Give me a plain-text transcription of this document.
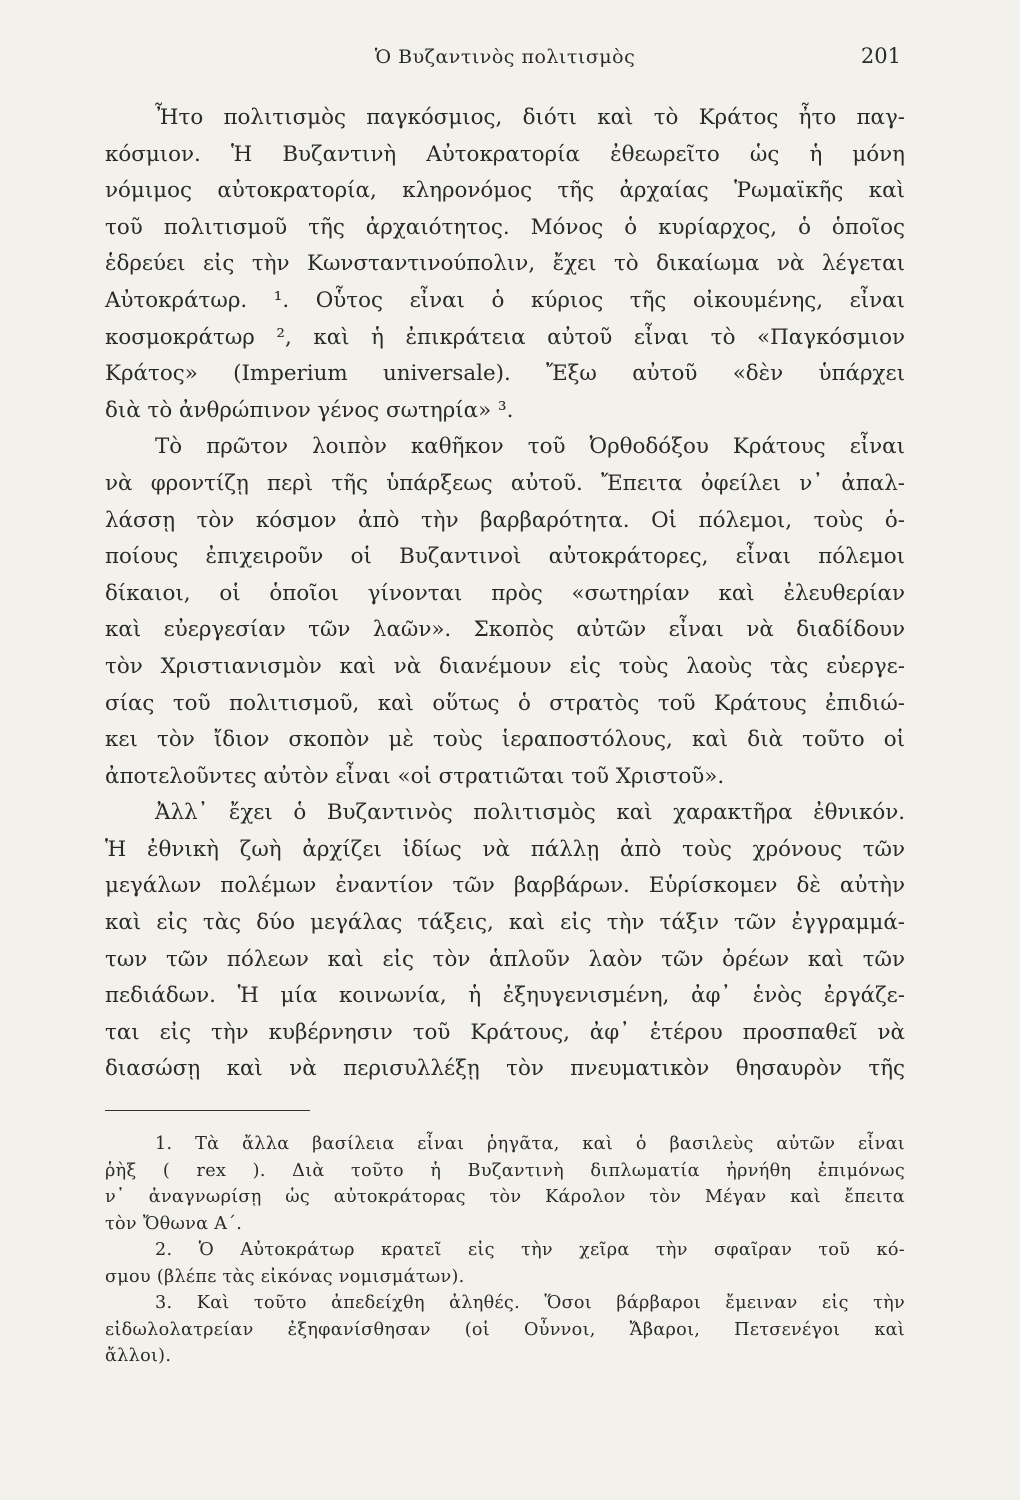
Ὁ Βυζαντινὸς πολιτισμὸς	201
Ἦτο πολιτισμὸς παγκόσμιος, διότι καὶ τὸ Κράτος ἦτο παγ-
κόσμιον. Ἡ Βυζαντινὴ Αὐτοκρατορία ἐθεωρεῖτο ὡς ἡ μόνη
νόμιμος αὐτοκρατορία, κληρονόμος τῆς ἀρχαίας Ῥωμαϊκῆς καὶ
τοῦ πολιτισμοῦ τῆς ἀρχαιότητος. Μόνος ὁ κυρίαρχος, ὁ ὁποῖος
ἑδρεύει εἰς τὴν Κωνσταντινούπολιν, ἔχει τὸ δικαίωμα νὰ λέγεται
Αὐτοκράτωρ. ¹. Οὗτος εἶναι ὁ κύριος τῆς οἰκουμένης, εἶναι
κοσμοκράτωρ ², καὶ ἡ ἐπικράτεια αὐτοῦ εἶναι τὸ «Παγκόσμιον
Κράτος» (Imperium universale). Ἔξω αὐτοῦ «δὲν ὑπάρχει
διὰ τὸ ἀνθρώπινον γένος σωτηρία» ³.
Τὸ πρῶτον λοιπὸν καθῆκον τοῦ Ὀρθοδόξου Κράτους εἶναι
νὰ φροντίζῃ περὶ τῆς ὑπάρξεως αὐτοῦ. Ἔπειτα ὀφείλει ν᾽ ἀπαλ-
λάσσῃ τὸν κόσμον ἀπὸ τὴν βαρβαρότητα. Οἱ πόλεμοι, τοὺς ὁ-
ποίους ἐπιχειροῦν οἱ Βυζαντινοὶ αὐτοκράτορες, εἶναι πόλεμοι
δίκαιοι, οἱ ὁποῖοι γίνονται πρὸς «σωτηρίαν καὶ ἐλευθερίαν
καὶ εὐεργεσίαν τῶν λαῶν». Σκοπὸς αὐτῶν εἶναι νὰ διαδίδουν
τὸν Χριστιανισμὸν καὶ νὰ διανέμουν εἰς τοὺς λαοὺς τὰς εὐεργε-
σίας τοῦ πολιτισμοῦ, καὶ οὕτως ὁ στρατὸς τοῦ Κράτους ἐπιδιώ-
κει τὸν ἴδιον σκοπὸν μὲ τοὺς ἱεραποστόλους, καὶ διὰ τοῦτο οἱ
ἀποτελοῦντες αὐτὸν εἶναι «οἱ στρατιῶται τοῦ Χριστοῦ».
Ἀλλ᾽ ἔχει ὁ Βυζαντινὸς πολιτισμὸς καὶ χαρακτῆρα ἐθνικόν.
Ἡ ἐθνικὴ ζωὴ ἀρχίζει ἰδίως νὰ πάλλῃ ἀπὸ τοὺς χρόνους τῶν
μεγάλων πολέμων ἐναντίον τῶν βαρβάρων. Εὑρίσκομεν δὲ αὐτὴν
καὶ εἰς τὰς δύο μεγάλας τάξεις, καὶ εἰς τὴν τάξιν τῶν ἐγγραμμά-
των τῶν πόλεων καὶ εἰς τὸν ἁπλοῦν λαὸν τῶν ὀρέων καὶ τῶν
πεδιάδων. Ἡ μία κοινωνία, ἡ ἐξηυγενισμένη, ἀφ᾽ ἑνὸς ἐργάζε-
ται εἰς τὴν κυβέρνησιν τοῦ Κράτους, ἀφ᾽ ἑτέρου προσπαθεῖ νὰ
διασώσῃ καὶ νὰ περισυλλέξῃ τὸν πνευματικὸν θησαυρὸν τῆς
1. Τὰ ἄλλα βασίλεια εἶναι ῥηγᾶτα, καὶ ὁ βασιλεὺς αὐτῶν εἶναι
ῥὴξ ( rex ). Διὰ τοῦτο ἡ Βυζαντινὴ διπλωματία ἠρνήθη ἐπιμόνως
ν᾽ ἀναγνωρίσῃ ὡς αὐτοκράτορας τὸν Κάρολον τὸν Μέγαν καὶ ἔπειτα
τὸν Ὄθωνα Α΄.
2. Ὁ Αὐτοκράτωρ κρατεῖ εἰς τὴν χεῖρα τὴν σφαῖραν τοῦ κό-
σμου (βλέπε τὰς εἰκόνας νομισμάτων).
3. Καὶ τοῦτο ἀπεδείχθη ἀληθές. Ὅσοι βάρβαροι ἔμειναν εἰς τὴν
εἰδωλολατρείαν ἐξηφανίσθησαν (οἱ Οὖννοι, Ἄβαροι, Πετσενέγοι καὶ
ἄλλοι).
